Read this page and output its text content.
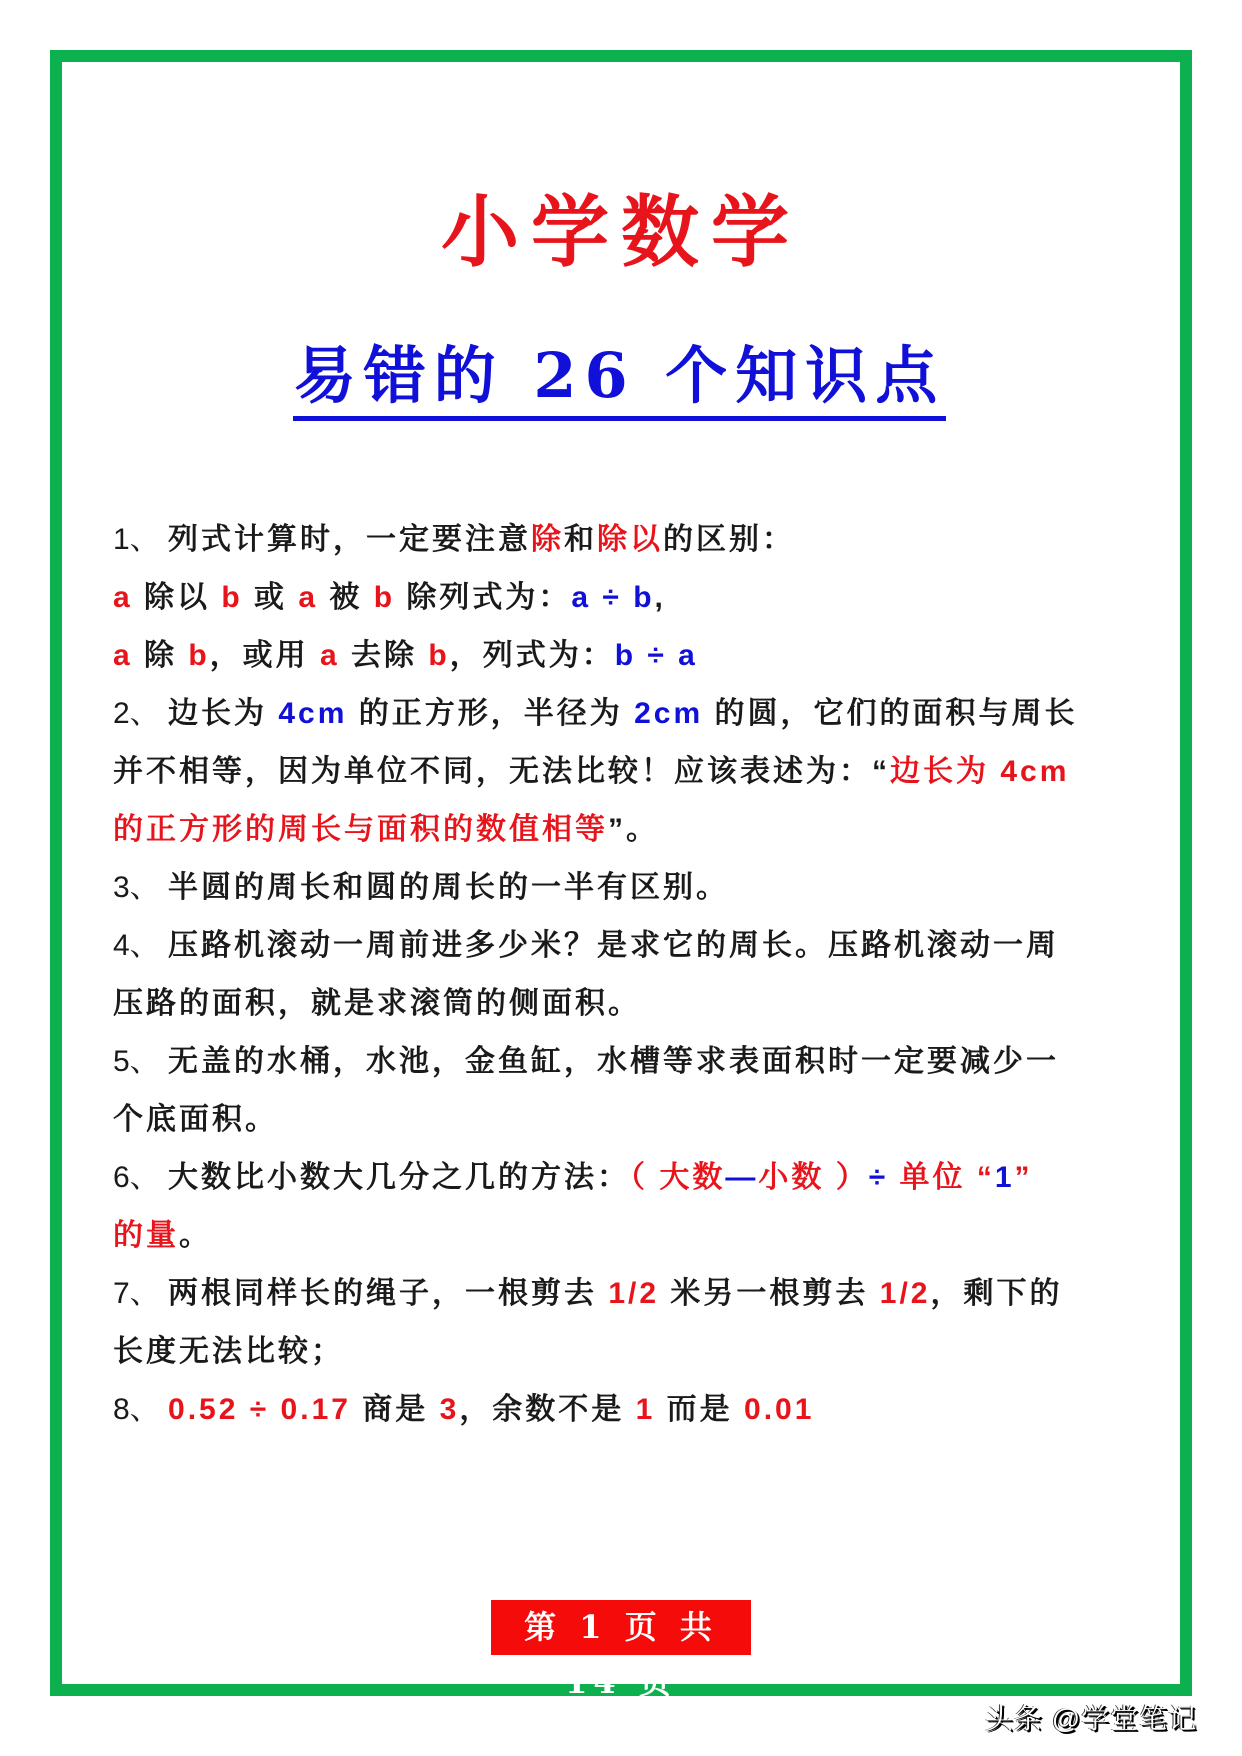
小学数学
易错的 26 个知识点
1、 列式计算时，一定要注意除和除以的区别：
a 除以 b 或 a 被 b 除列式为：a ÷ b,
a 除 b，或用 a 去除 b，列式为：b ÷ a
2、 边长为 4cm 的正方形，半径为 2cm 的圆，它们的面积与周长
并不相等，因为单位不同，无法比较！应该表述为：“边长为 4cm
的正方形的周长与面积的数值相等”。
3、 半圆的周长和圆的周长的一半有区别。
4、 压路机滚动一周前进多少米？是求它的周长。压路机滚动一周
压路的面积，就是求滚筒的侧面积。
5、 无盖的水桶，水池，金鱼缸，水槽等求表面积时一定要减少一
个底面积。
6、 大数比小数大几分之几的方法：（ 大数—小数 ）÷ 单位 “1”
的量。
7、 两根同样长的绳子，一根剪去 1/2 米另一根剪去 1/2，剩下的
长度无法比较；
8、 0.52 ÷ 0.17 商是 3，余数不是 1 而是 0.01
第 1 页 共 14 页
头条 @学堂笔记
